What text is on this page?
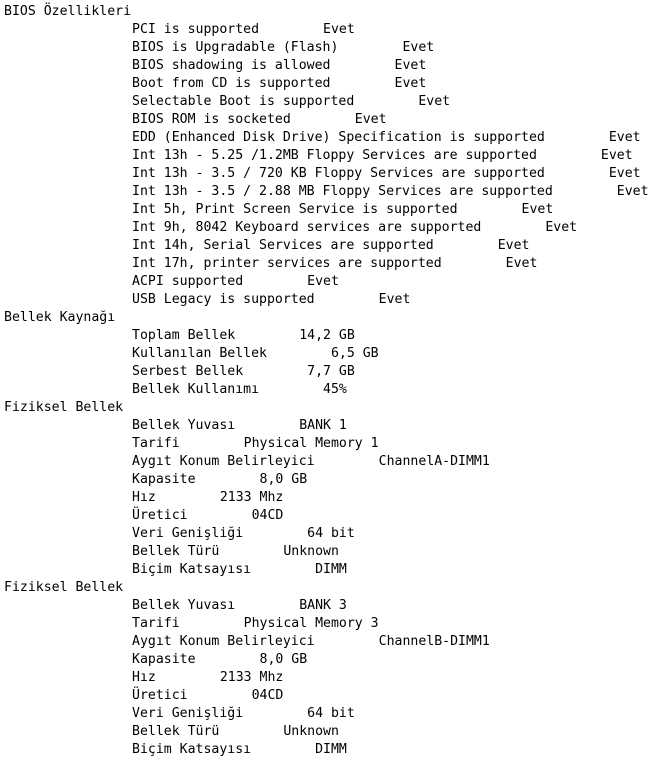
BIOS Özellikleri
PCI is supported	Evet
BIOS is Upgradable (Flash)	Evet
BIOS shadowing is allowed	Evet
Boot from CD is supported	Evet
Selectable Boot is supported	Evet
BIOS ROM is socketed	Evet
EDD (Enhanced Disk Drive) Specification is supported	Evet
Int 13h - 5.25 /1.2MB Floppy Services are supported	Evet
Int 13h - 3.5 / 720 KB Floppy Services are supported	Evet
Int 13h - 3.5 / 2.88 MB Floppy Services are supported	Evet
Int 5h, Print Screen Service is supported	Evet
Int 9h, 8042 Keyboard services are supported	Evet
Int 14h, Serial Services are supported	Evet
Int 17h, printer services are supported	Evet
ACPI supported	Evet
USB Legacy is supported	Evet
Bellek Kaynağı
Toplam Bellek	14,2 GB
Kullanılan Bellek	6,5 GB
Serbest Bellek	7,7 GB
Bellek Kullanımı	45%
Fiziksel Bellek
Bellek Yuvası	BANK 1
Tarifi	Physical Memory 1
Aygıt Konum Belirleyici	ChannelA-DIMM1
Kapasite	8,0 GB
Hız	2133 Mhz
Üretici	04CD
Veri Genişliği	64 bit
Bellek Türü	Unknown
Biçim Katsayısı	DIMM
Fiziksel Bellek
Bellek Yuvası	BANK 3
Tarifi	Physical Memory 3
Aygıt Konum Belirleyici	ChannelB-DIMM1
Kapasite	8,0 GB
Hız	2133 Mhz
Üretici	04CD
Veri Genişliği	64 bit
Bellek Türü	Unknown
Biçim Katsayısı	DIMM
